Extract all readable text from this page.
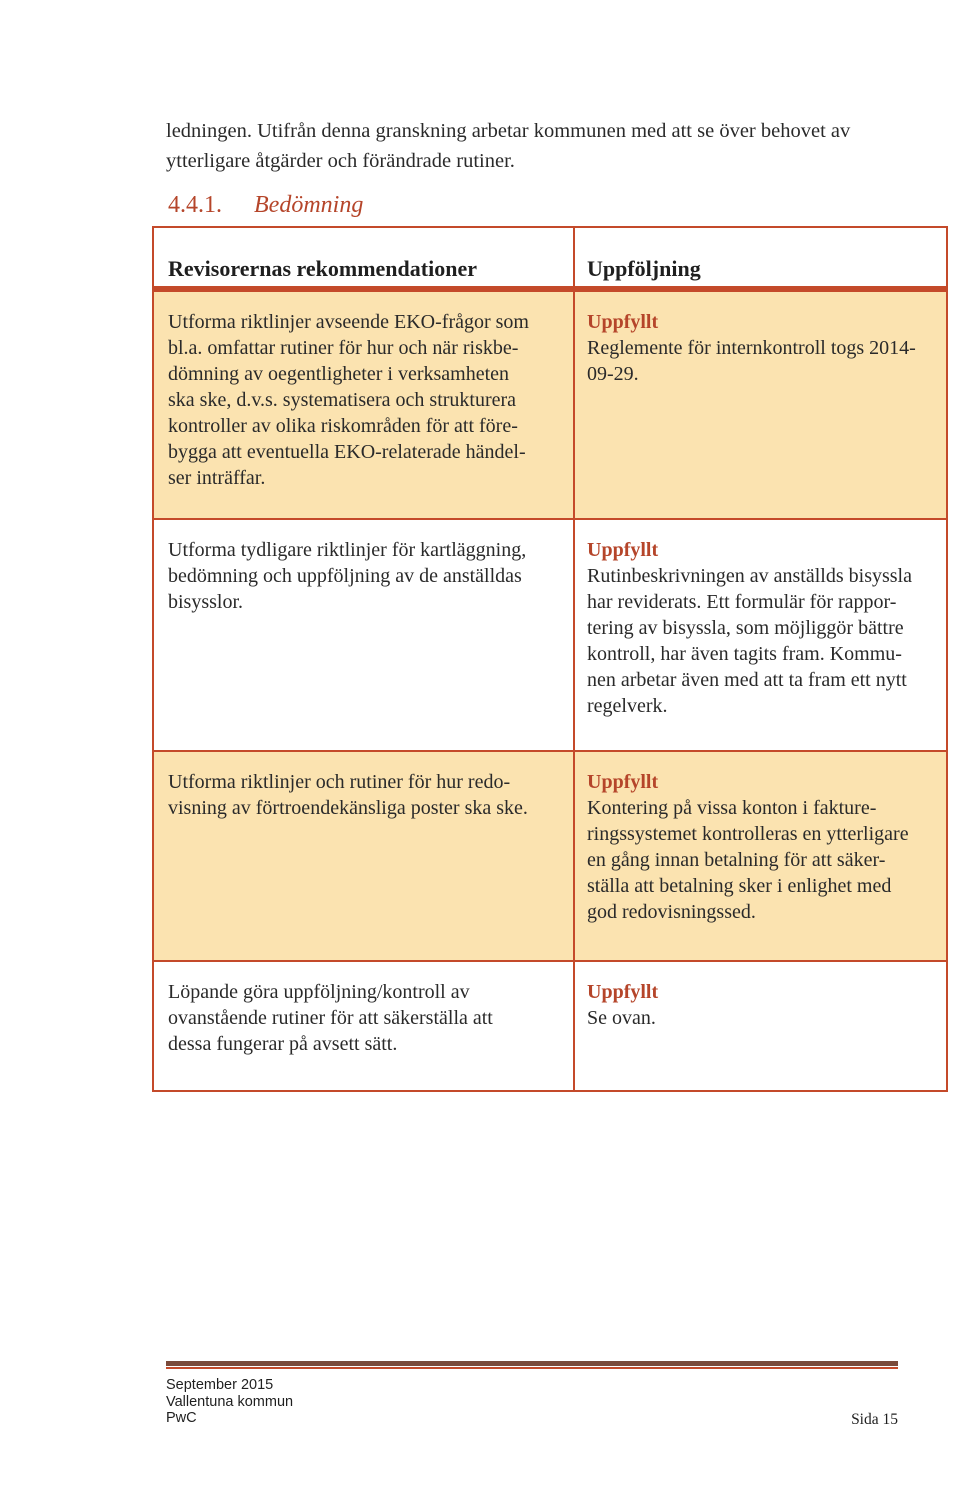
ledningen. Utifrån denna granskning arbetar kommunen med att se över behovet av
ytterligare åtgärder och förändrade rutiner.
4.4.1. Bedömning
Revisorernas rekommendationer	Uppföljning

Utforma riktlinjer avseende EKO-frågor som
bl.a. omfattar rutiner för hur och när riskbe-
dömning av oegentligheter i verksamheten
ska ske, d.v.s. systematisera och strukturera
kontroller av olika riskområden för att före-
bygga att eventuella EKO-relaterade händel-
ser inträffar.

Uppfyllt

Reglemente för internkontroll togs 2014-
09-29.

Utforma tydligare riktlinjer för kartläggning,
bedömning och uppföljning av de anställdas
bisysslor.

Uppfyllt

Rutinbeskrivningen av anställds bisyssla
har reviderats. Ett formulär för rappor-
tering av bisyssla, som möjliggör bättre
kontroll, har även tagits fram. Kommu-
nen arbetar även med att ta fram ett nytt
regelverk.

Utforma riktlinjer och rutiner för hur redo-
visning av förtroendekänsliga poster ska ske.

Uppfyllt

Kontering på vissa konton i fakture-
ringssystemet kontrolleras en ytterligare
en gång innan betalning för att säker-
ställa att betalning sker i enlighet med
god redovisningssed.

Löpande göra uppföljning/kontroll av
ovanstående rutiner för att säkerställa att
dessa fungerar på avsett sätt.

Uppfyllt

Se ovan.

September 2015
Vallentuna kommun
PwC	Sida 15
